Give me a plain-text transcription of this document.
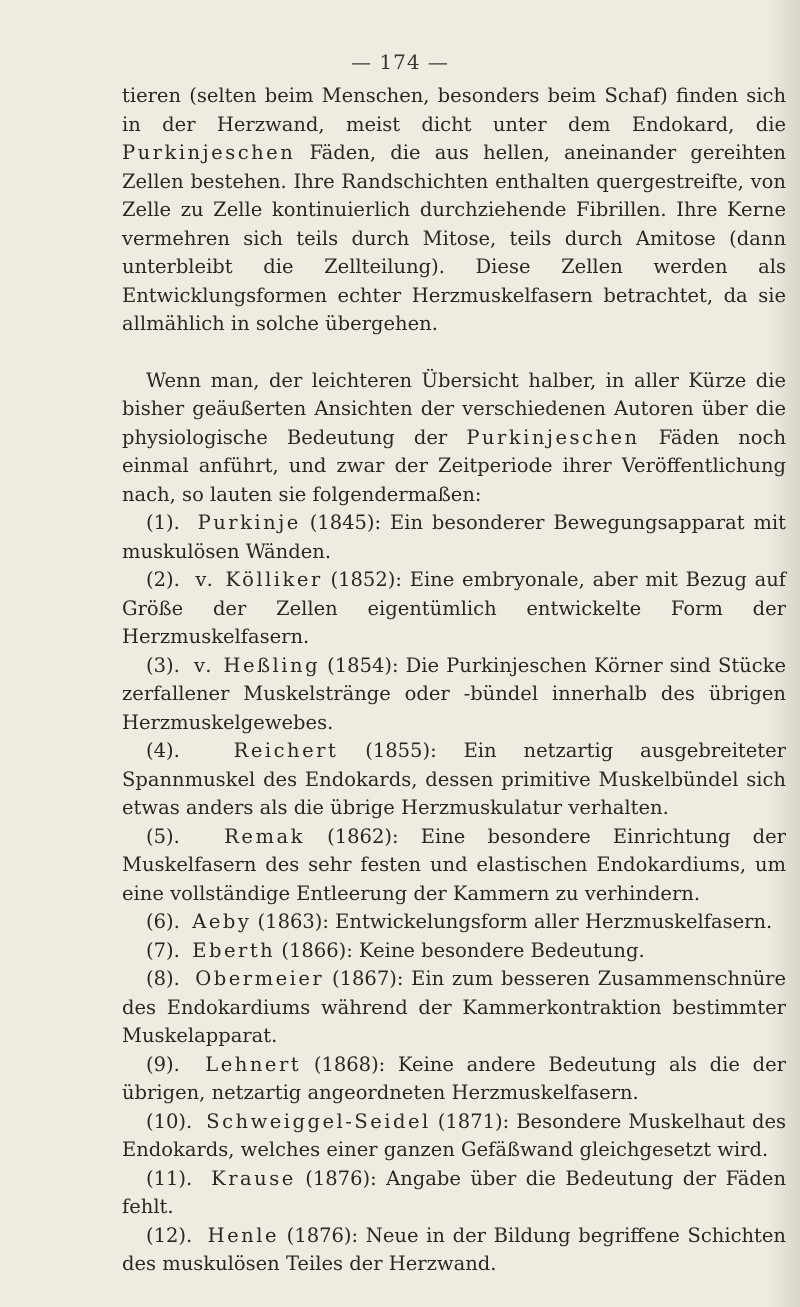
— 174 —

tieren (selten beim Menschen, besonders beim Schaf) finden sich in der Herzwand, meist dicht unter dem Endokard, die Purkinjeschen Fäden, die aus hellen, aneinander gereihten Zellen bestehen. Ihre Randschichten enthalten quergestreifte, von Zelle zu Zelle kontinuierlich durchziehende Fibrillen. Ihre Kerne vermehren sich teils durch Mitose, teils durch Amitose (dann unterbleibt die Zellteilung). Diese Zellen werden als Entwicklungsformen echter Herzmuskelfasern betrachtet, da sie allmählich in solche übergehen.

Wenn man, der leichteren Übersicht halber, in aller Kürze die bisher geäußerten Ansichten der verschiedenen Autoren über die physiologische Bedeutung der Purkinjeschen Fäden noch einmal anführt, und zwar der Zeitperiode ihrer Veröffentlichung nach, so lauten sie folgendermaßen:

(1). Purkinje (1845): Ein besonderer Bewegungsapparat mit muskulösen Wänden.

(2). v. Kölliker (1852): Eine embryonale, aber mit Bezug auf Größe der Zellen eigentümlich entwickelte Form der Herzmuskelfasern.

(3). v. Heßling (1854): Die Purkinjeschen Körner sind Stücke zerfallener Muskelstränge oder -bündel innerhalb des übrigen Herzmuskelgewebes.

(4).	Reichert (1855): Ein netzartig ausgebreiteter Spannmuskel des Endokards, dessen primitive Muskelbündel sich etwas anders als die übrige Herzmuskulatur verhalten.

(5). Remak (1862): Eine besondere Einrichtung der Muskelfasern des sehr festen und elastischen Endokardiums, um eine vollständige Entleerung der Kammern zu verhindern.

(6). Aeby (1863): Entwickelungsform aller Herzmuskelfasern.

(7). Eberth (1866): Keine besondere Bedeutung.

(8). Obermeier (1867): Ein zum besseren Zusammenschnüre des Endokardiums während der Kammerkontraktion bestimmter Muskelapparat.

(9). Lehnert (1868): Keine andere Bedeutung als die der übrigen, netzartig angeordneten Herzmuskelfasern.

(10). Schweiggel-Seidel (1871): Besondere Muskelhaut des Endokards, welches einer ganzen Gefäßwand gleichgesetzt wird.

(11). Krause (1876): Angabe über die Bedeutung der Fäden fehlt.

(12). Henle (1876): Neue in der Bildung begriffene Schichten des muskulösen Teiles der Herzwand.
